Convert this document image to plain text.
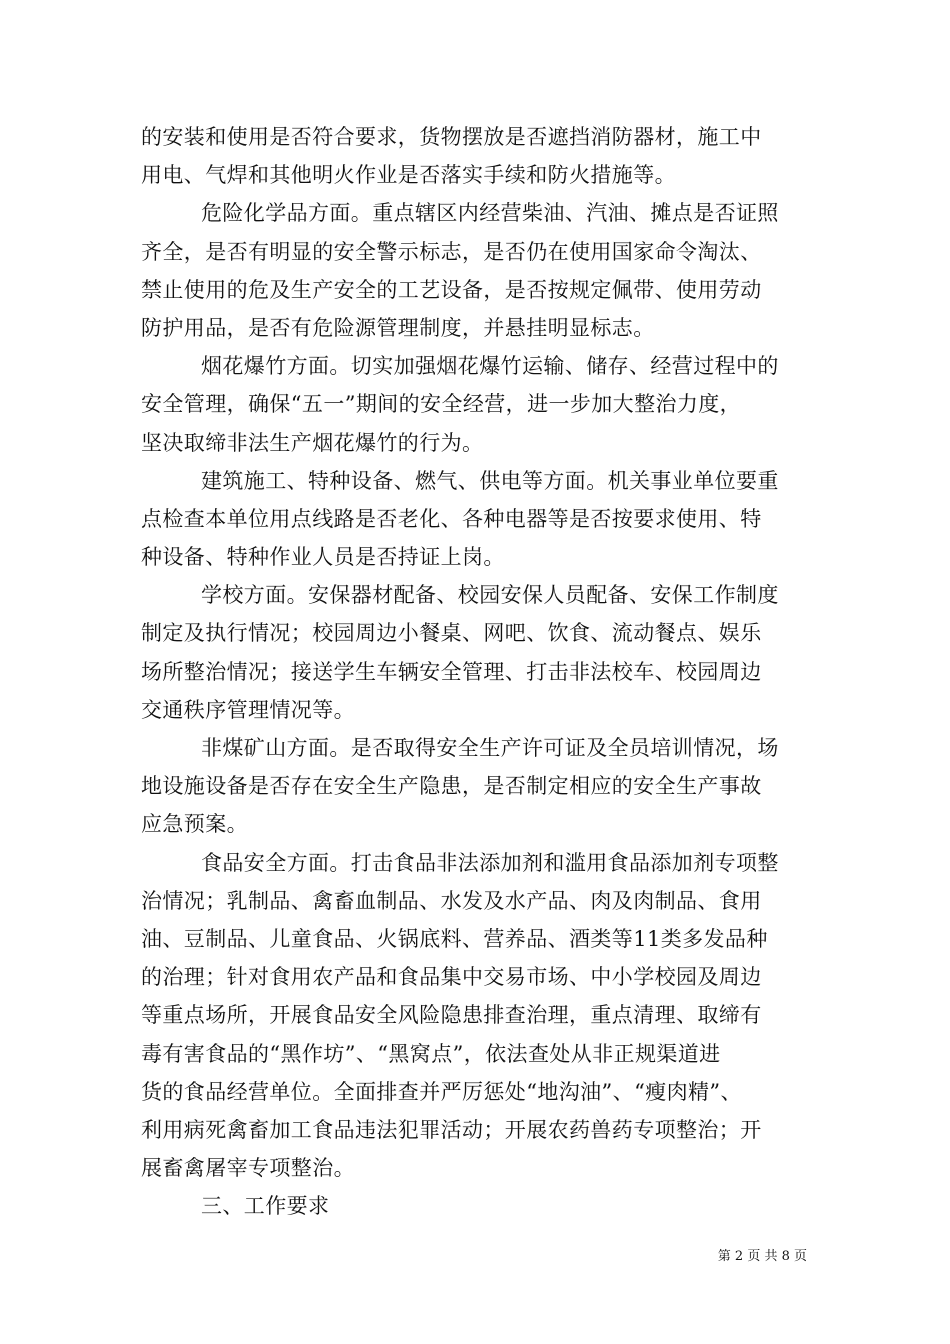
的安装和使用是否符合要求，货物摆放是否遮挡消防器材，施工中
用电、气焊和其他明火作业是否落实手续和防火措施等。
危险化学品方面。重点辖区内经营柴油、汽油、摊点是否证照
齐全，是否有明显的安全警示标志，是否仍在使用国家命令淘汰、
禁止使用的危及生产安全的工艺设备，是否按规定佩带、使用劳动
防护用品，是否有危险源管理制度，并悬挂明显标志。
烟花爆竹方面。切实加强烟花爆竹运输、储存、经营过程中的
安全管理，确保“五一”期间的安全经营，进一步加大整治力度，
坚决取缔非法生产烟花爆竹的行为。
建筑施工、特种设备、燃气、供电等方面。机关事业单位要重
点检查本单位用点线路是否老化、各种电器等是否按要求使用、特
种设备、特种作业人员是否持证上岗。
学校方面。安保器材配备、校园安保人员配备、安保工作制度
制定及执行情况；校园周边小餐桌、网吧、饮食、流动餐点、娱乐
场所整治情况；接送学生车辆安全管理、打击非法校车、校园周边
交通秩序管理情况等。
非煤矿山方面。是否取得安全生产许可证及全员培训情况，场
地设施设备是否存在安全生产隐患，是否制定相应的安全生产事故
应急预案。
食品安全方面。打击食品非法添加剂和滥用食品添加剂专项整
治情况；乳制品、禽畜血制品、水发及水产品、肉及肉制品、食用
油、豆制品、儿童食品、火锅底料、营养品、酒类等11类多发品种
的治理；针对食用农产品和食品集中交易市场、中小学校园及周边
等重点场所，开展食品安全风险隐患排查治理，重点清理、取缔有
毒有害食品的“黑作坊”、“黑窝点”，依法查处从非正规渠道进
货的食品经营单位。全面排查并严厉惩处“地沟油”、“瘦肉精”、
利用病死禽畜加工食品违法犯罪活动；开展农药兽药专项整治；开
展畜禽屠宰专项整治。
三、工作要求
第 2 页 共 8 页
